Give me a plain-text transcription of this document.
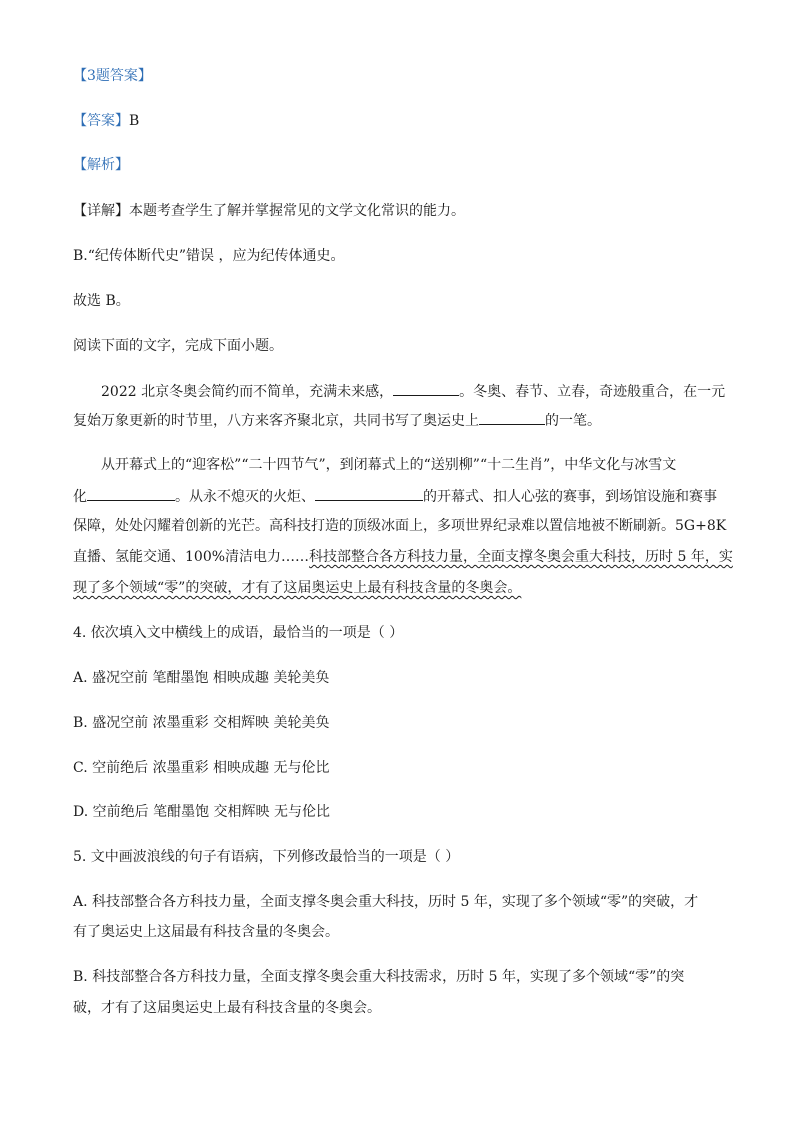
【3题答案】
【答案】B
【解析】
【详解】本题考查学生了解并掌握常见的文学文化常识的能力。
B.“纪传体断代史”错误 ，应为纪传体通史。
故选 B。
阅读下面的文字，完成下面小题。
2022 北京冬奥会简约而不简单，充满未来感，	。冬奥、春节、立春，奇迹般重合，在一元
复始万象更新的时节里，八方来客齐聚北京，共同书写了奥运史上	的一笔。
从开幕式上的“迎客松”“二十四节气”，到闭幕式上的“送别柳”“十二生肖”，中华文化与冰雪文
化	。从永不熄灭的火炬、	的开幕式、扣人心弦的赛事，到场馆设施和赛事
保障，处处闪耀着创新的光芒。高科技打造的顶级冰面上，多项世界纪录难以置信地被不断刷新。5G+8K
直播、氢能交通、100%清洁电力……科技部整合各方科技力量，全面支撑冬奥会重大科技，历时 5 年，实
现了多个领域“零”的突破，才有了这届奥运史上最有科技含量的冬奥会。
4. 依次填入文中横线上的成语，最恰当的一项是（ ）
A. 盛况空前 笔酣墨饱 相映成趣 美轮美奂
B. 盛况空前 浓墨重彩 交相辉映 美轮美奂
C. 空前绝后 浓墨重彩 相映成趣 无与伦比
D. 空前绝后 笔酣墨饱 交相辉映 无与伦比
5. 文中画波浪线的句子有语病，下列修改最恰当的一项是（ ）
A. 科技部整合各方科技力量，全面支撑冬奥会重大科技，历时 5 年，实现了多个领域“零”的突破，才
有了奥运史上这届最有科技含量的冬奥会。
B. 科技部整合各方科技力量，全面支撑冬奥会重大科技需求，历时 5 年，实现了多个领域“零”的突
破，才有了这届奥运史上最有科技含量的冬奥会。
